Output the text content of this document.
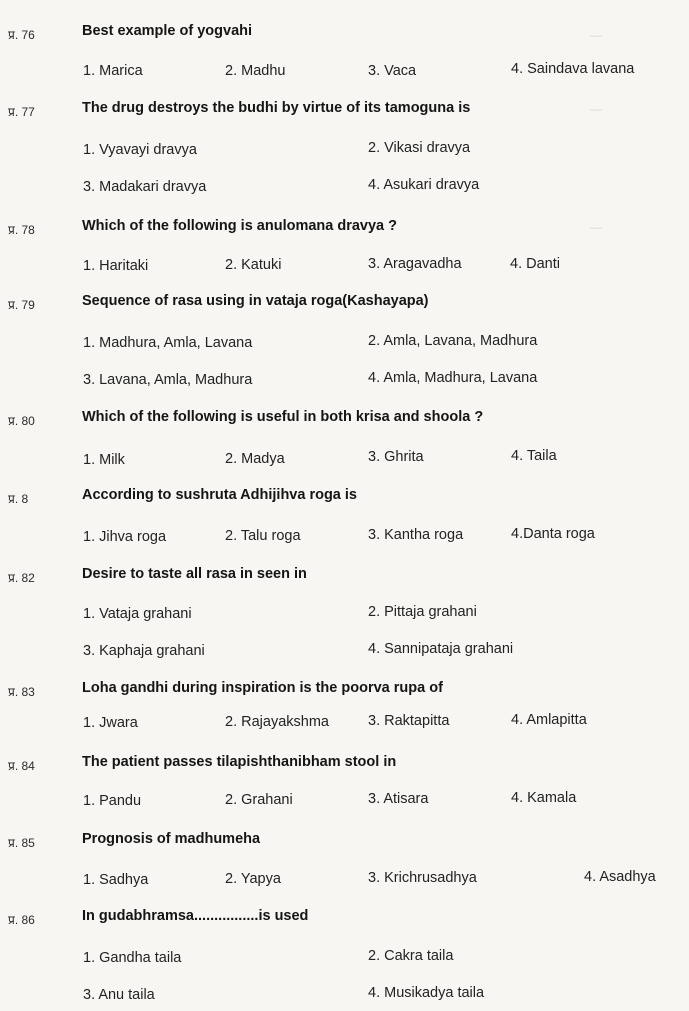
—
—
—
प्र. 76	Best example of yogvahi
1. Marica	2. Madhu	3. Vaca	4. Saindava lavana
प्र. 77	The drug destroys the budhi by virtue of its tamoguna is
1. Vyavayi dravya	2. Vikasi dravya
3. Madakari dravya	4. Asukari dravya
प्र. 78	Which of the following is anulomana dravya ?
1. Haritaki	2. Katuki	3. Aragavadha	4. Danti
प्र. 79	Sequence of rasa using in vataja roga(Kashayapa)
1. Madhura, Amla, Lavana	2. Amla, Lavana, Madhura
3. Lavana, Amla, Madhura	4. Amla, Madhura, Lavana
प्र. 80	Which of the following is useful in both krisa and shoola ?
1. Milk	2. Madya	3. Ghrita	4. Taila
प्र. 8	According to sushruta Adhijihva roga is
1. Jihva roga	2. Talu roga	3. Kantha roga	4.Danta roga
प्र. 82	Desire to taste all rasa in seen in
1. Vataja grahani	2. Pittaja grahani
3. Kaphaja grahani	4. Sannipataja grahani
प्र. 83	Loha gandhi during inspiration is the poorva rupa of
1. Jwara	2. Rajayakshma	3. Raktapitta	4. Amlapitta
प्र. 84	The patient passes tilapishthanibham stool in
1. Pandu	2. Grahani	3. Atisara	4. Kamala
प्र. 85	Prognosis of madhumeha
1. Sadhya	2. Yapya	3. Krichrusadhya	4. Asadhya
प्र. 86	In gudabhramsa................is used
1. Gandha taila	2. Cakra taila
3. Anu taila	4. Musikadya taila
